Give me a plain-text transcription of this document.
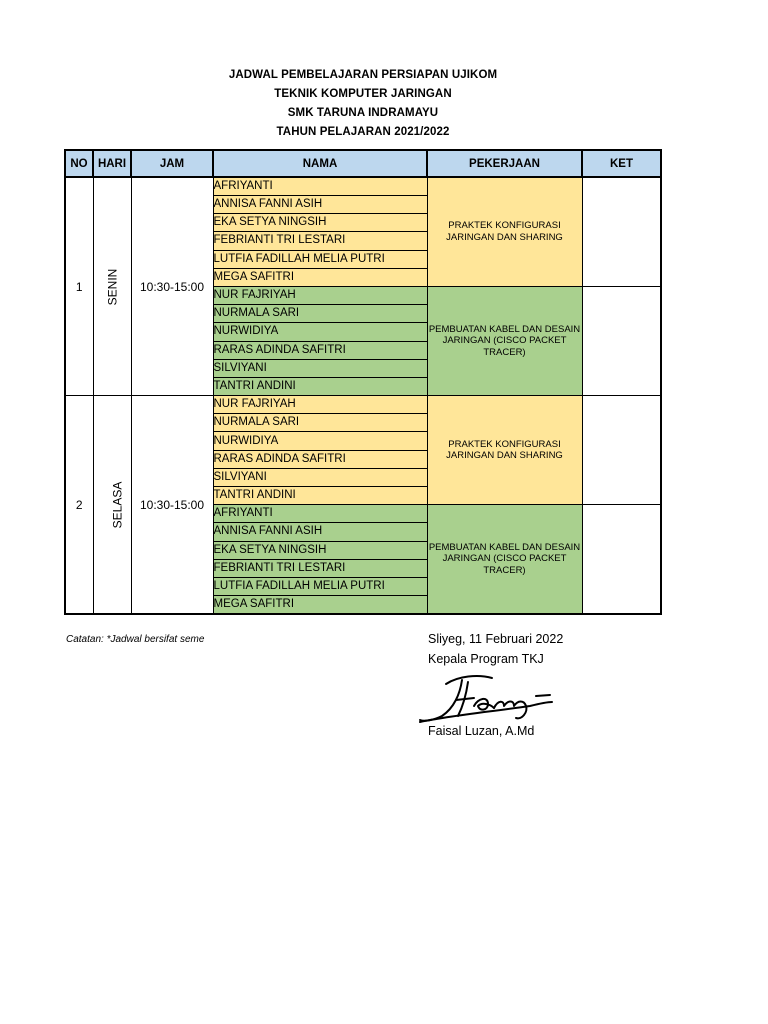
JADWAL PEMBELAJARAN PERSIAPAN UJIKOM
TEKNIK KOMPUTER JARINGAN
SMK TARUNA INDRAMAYU
TAHUN PELAJARAN 2021/2022
NO	HARI	JAM	NAMA	PEKERJAAN	KET
1	SENIN	10:30-15:00	AFRIYANTI	PRAKTEK KONFIGURASI JARINGAN DAN SHARING	
			ANNISA FANNI ASIH		
			EKA SETYA NINGSIH		
			FEBRIANTI TRI LESTARI		
			LUTFIA FADILLAH MELIA PUTRI		
			MEGA SAFITRI		
			NUR FAJRIYAH	PEMBUATAN KABEL DAN DESAIN JARINGAN (CISCO PACKET TRACER)	
			NURMALA SARI		
			NURWIDIYA		
			RARAS ADINDA SAFITRI		
			SILVIYANI		
			TANTRI ANDINI		
2	SELASA	10:30-15:00	NUR FAJRIYAH	PRAKTEK KONFIGURASI JARINGAN DAN SHARING	
			NURMALA SARI		
			NURWIDIYA		
			RARAS ADINDA SAFITRI		
			SILVIYANI		
			TANTRI ANDINI		
			AFRIYANTI	PEMBUATAN KABEL DAN DESAIN JARINGAN (CISCO PACKET TRACER)	
			ANNISA FANNI ASIH		
			EKA SETYA NINGSIH		
			FEBRIANTI TRI LESTARI		
			LUTFIA FADILLAH MELIA PUTRI		
			MEGA SAFITRI		
Catatan: *Jadwal bersifat seme	Sliyeg, 11 Februari 2022
Kepala Program TKJ
Faisal Luzan, A.Md
